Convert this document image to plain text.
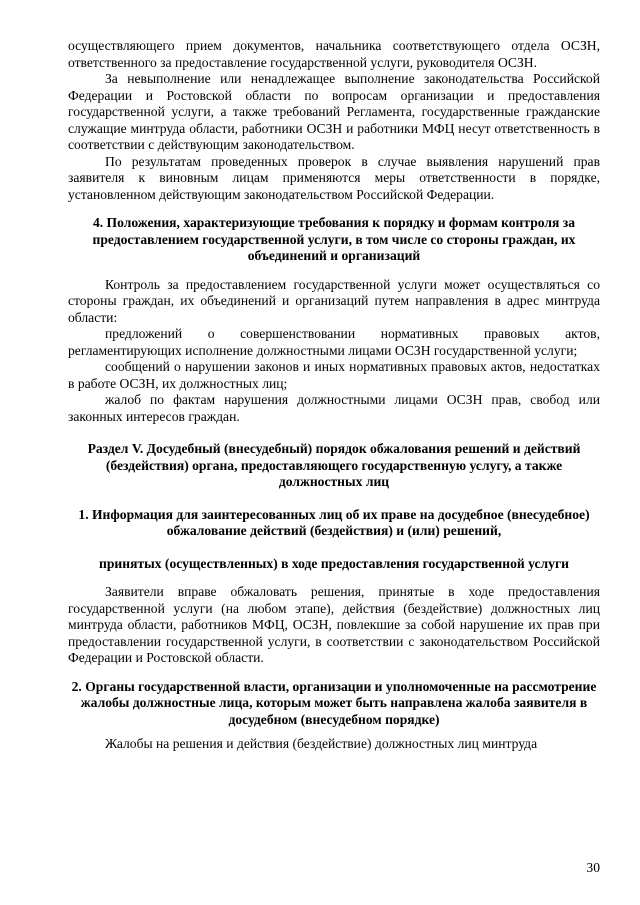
осуществляющего прием документов, начальника соответствующего отдела ОСЗН, ответственного за предоставление государственной услуги, руководителя ОСЗН.

За невыполнение или ненадлежащее выполнение законодательства Российской Федерации и Ростовской области по вопросам организации и предоставления государственной услуги, а также требований Регламента, государственные гражданские служащие минтруда области, работники ОСЗН и работники МФЦ несут ответственность в соответствии с действующим законодательством.

По результатам проведенных проверок в случае выявления нарушений прав заявителя к виновным лицам применяются меры ответственности в порядке, установленном действующим законодательством Российской Федерации.

4. Положения, характеризующие требования к порядку и формам контроля за предоставлением государственной услуги, в том числе со стороны граждан, их объединений и организаций

Контроль за предоставлением государственной услуги может осуществляться со стороны граждан, их объединений и организаций путем направления в адрес минтруда области:

предложений о совершенствовании нормативных правовых актов, регламентирующих исполнение должностными лицами ОСЗН государственной услуги;

сообщений о нарушении законов и иных нормативных правовых актов, недостатках в работе ОСЗН, их должностных лиц;

жалоб по фактам нарушения должностными лицами ОСЗН прав, свобод или законных интересов граждан.

Раздел V. Досудебный (внесудебный) порядок обжалования решений и действий (бездействия) органа, предоставляющего государственную услугу, а также должностных лиц
1. Информация для заинтересованных лиц об их праве на досудебное (внесудебное) обжалование действий (бездействия) и (или) решений,
принятых (осуществленных) в ходе предоставления государственной услуги

Заявители вправе обжаловать решения, принятые в ходе предоставления государственной услуги (на любом этапе), действия (бездействие) должностных лиц минтруда области, работников МФЦ, ОСЗН, повлекшие за собой нарушение их прав при предоставлении государственной услуги, в соответствии с законодательством Российской Федерации и Ростовской области.

2. Органы государственной власти, организации и уполномоченные на рассмотрение жалобы должностные лица, которым может быть направлена жалоба заявителя в досудебном (внесудебном порядке)

Жалобы на решения и действия (бездействие) должностных лиц минтруда

30
